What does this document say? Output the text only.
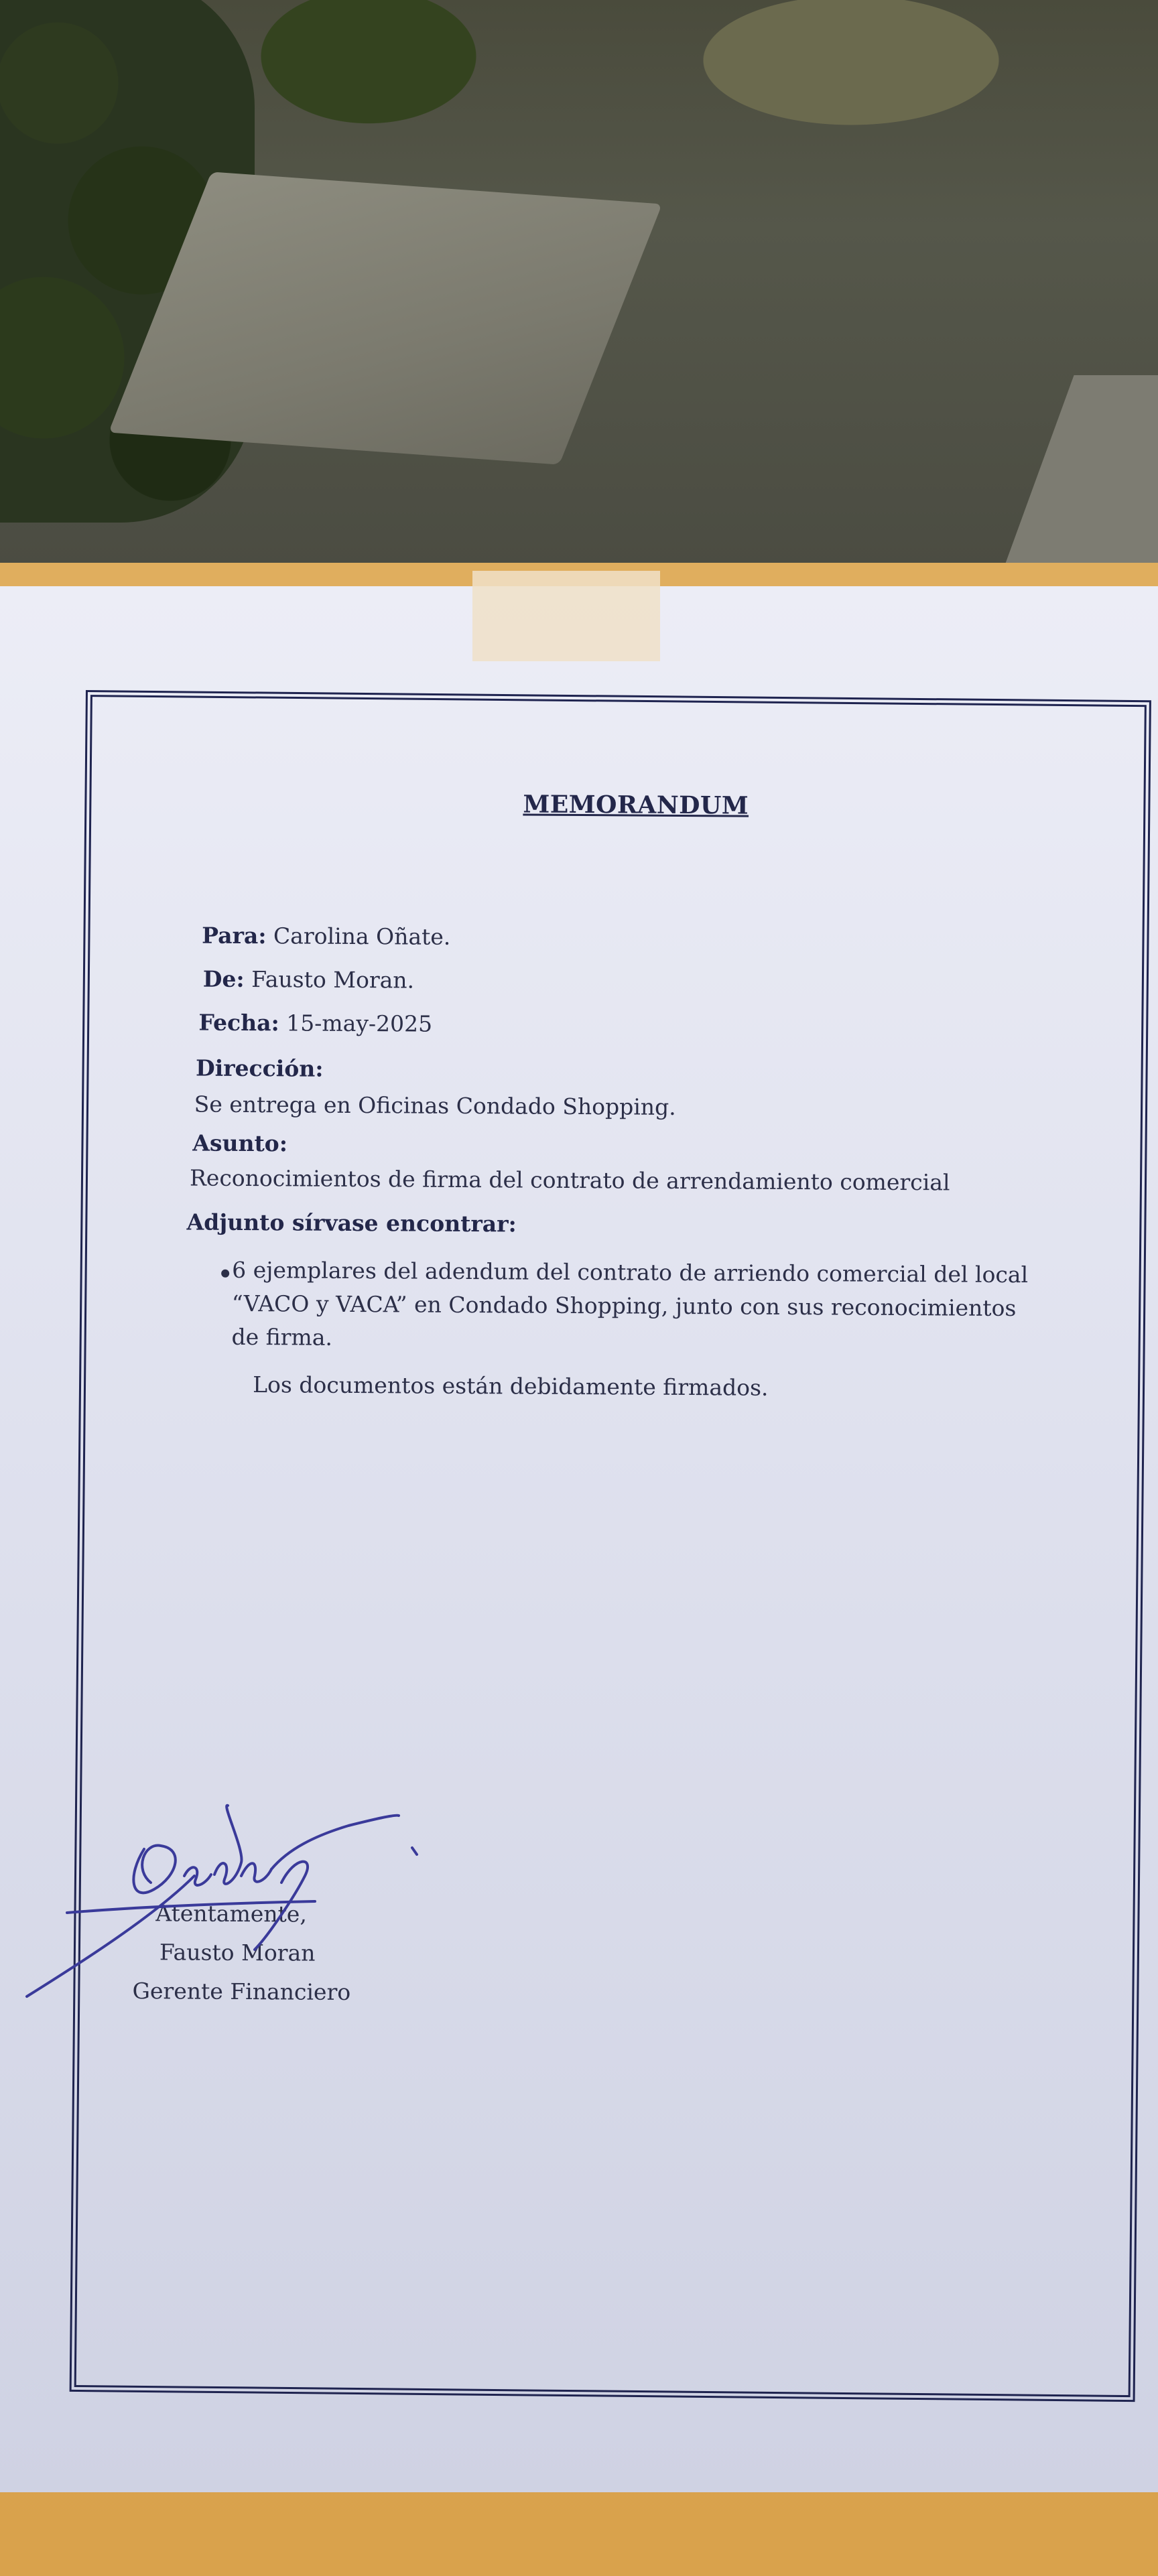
MEMORANDUM
Para: Carolina Oñate.
De: Fausto Moran.
Fecha: 15-may-2025
Dirección:
Se entrega en Oficinas Condado Shopping.
Asunto:
Reconocimientos de firma del contrato de arrendamiento comercial
Adjunto sírvase encontrar:
6 ejemplares del adendum del contrato de arriendo comercial del local “VACO y VACA” en Condado Shopping, junto con sus reconocimientos de firma.
Los documentos están debidamente firmados.
Atentamente,
Fausto Moran
Gerente Financiero
